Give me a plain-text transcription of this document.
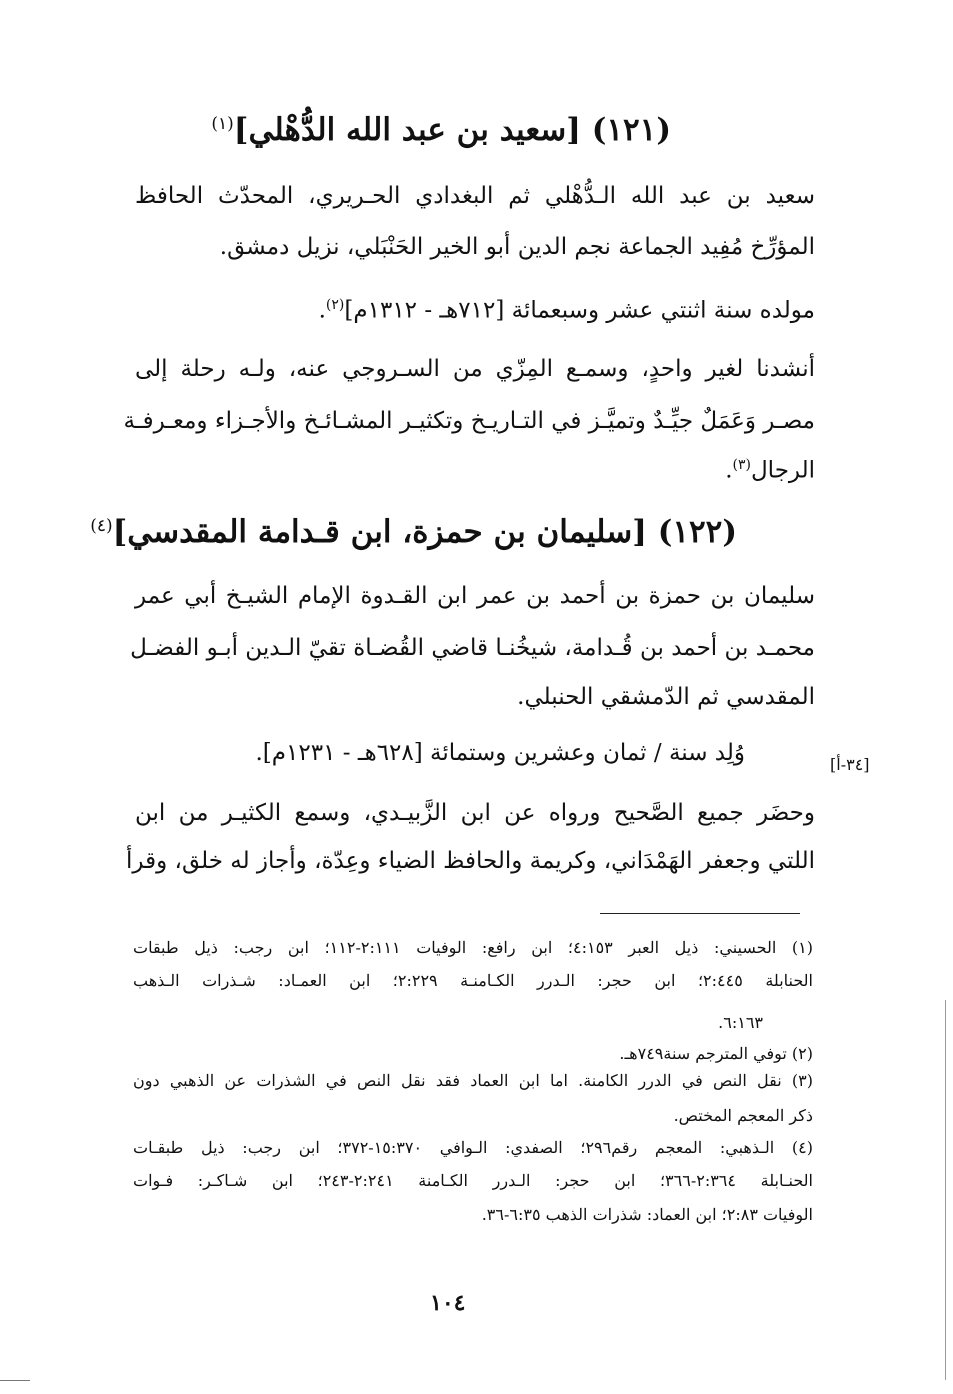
(١٢١) [سعيد بن عبد الله الدُّهْلي]$^{(١)}$
سعيد بن عبد الله الـدُّهْلي ثم البغدادي الحـريري، المحدّث الحافظ
المؤرِّخ مُفِيد الجماعة نجم الدين أبو الخير الحَنْبَلي، نزيل دمشق.
مولده سنة اثنتي عشر وسبعمائة [٧١٢هـ - ١٣١٢م]$^{(٢)}$.
أنشدنا لغير واحدٍ، وسمـع المِزّي من السـروجي عنه، ولـه رحلة إلى
مصـر وَعَمَلٌ جيِّـدٌ وتميَّـز في التـاريـخ وتكثيـر المشـائـخ والأجـزاء ومعـرفـة
الرجال$^{(٣)}$.
(١٢٢) [سليمان بن حمزة، ابن قـدامة المقدسي]$^{(٤)}$
سليمان بن حمزة بن أحمد بن عمر ابن القـدوة الإمام الشيـخ أبي عمر
محمـد بن أحمد بن قُـدامة، شيخُنـا قاضي القُضـاة تقيّ الـدين أبـو الفضـل
المقدسي ثم الدّمشقي الحنبلي.
وُلِد سنة / ثمان وعشرين وستمائة [٦٢٨هـ - ١٢٣١م].
وحضَر جميع الصَّحيح ورواه عن ابن الزَّبيـدي، وسمع الكثيـر من ابن
اللتي وجعفر الهَمْدَاني، وكريمة والحافظ الضياء وعِدّة، وأجاز له خلق، وقرأ
[٣٤-أ]
(١) الحسيني: ذيل العبر ٤:١٥٣؛ ابن رافع: الوفيات ٢:١١١-١١٢؛ ابن رجب: ذيل طبقات
الحنابلة ٢:٤٤٥؛ ابن حجر: الـدرر الكـامنـة ٢:٢٢٩؛ ابن العمـاد: شـذرات الـذهب
٦:١٦٣.
(٢) توفي المترجم سنة٧٤٩هـ.
(٣) نقل النص في الدرر الكامنة. اما ابن العماد فقد نقل النص في الشذرات عن الذهبي دون
ذكر المعجم المختص.
(٤) الـذهبي: المعجم رقم٢٩٦؛ الصفدي: الـوافي ١٥:٣٧٠-٣٧٢؛ ابن رجب: ذيل طبقـات
الحنـابلة ٢:٣٦٤-٣٦٦؛ ابن حجر: الـدرر الكـامنة ٢:٢٤١-٢٤٣؛ ابن شـاكـر: فـوات
الوفيات ٢:٨٣؛ ابن العماد: شذرات الذهب ٦:٣٥-٣٦.
١٠٤
